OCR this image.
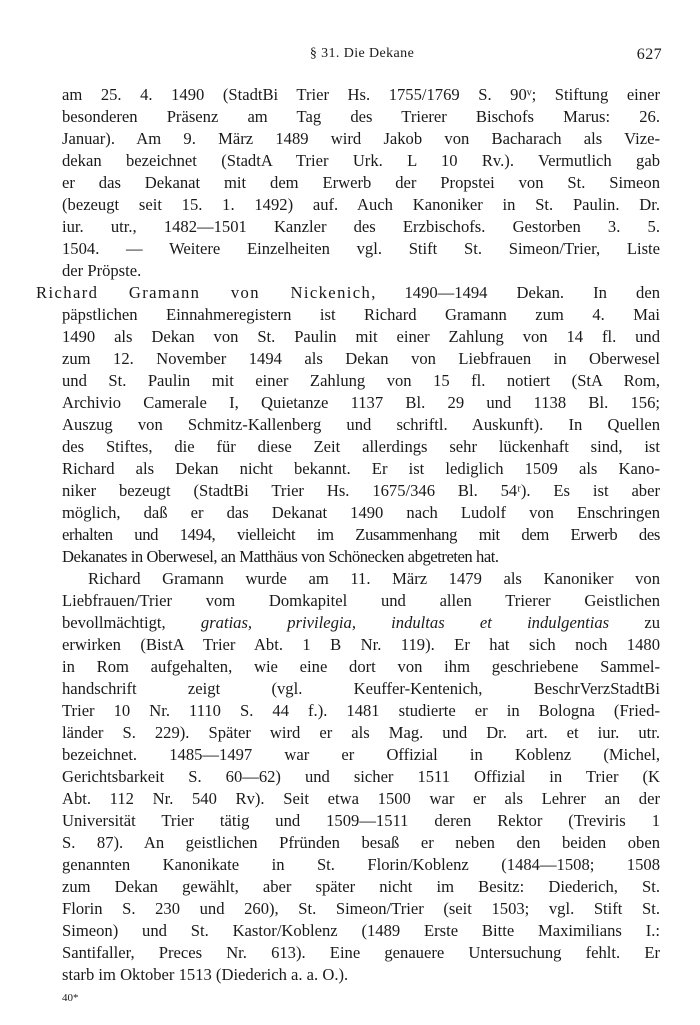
§ 31. Die Dekane	627
am 25. 4. 1490 (StadtBi Trier Hs. 1755/1769 S. 90ᵛ; Stiftung einer
besonderen Präsenz am Tag des Trierer Bischofs Marus: 26.
Januar). Am 9. März 1489 wird Jakob von Bacharach als Vize-
dekan bezeichnet (StadtA Trier Urk. L 10 Rv.). Vermutlich gab
er das Dekanat mit dem Erwerb der Propstei von St. Simeon
(bezeugt seit 15. 1. 1492) auf. Auch Kanoniker in St. Paulin. Dr.
iur. utr., 1482—1501 Kanzler des Erzbischofs. Gestorben 3. 5.
1504. — Weitere Einzelheiten vgl. Stift St. Simeon/Trier, Liste
der Pröpste.
Richard Gramann von Nickenich, 1490—1494 Dekan. In den
päpstlichen Einnahmeregistern ist Richard Gramann zum 4. Mai
1490 als Dekan von St. Paulin mit einer Zahlung von 14 fl. und
zum 12. November 1494 als Dekan von Liebfrauen in Oberwesel
und St. Paulin mit einer Zahlung von 15 fl. notiert (StA Rom,
Archivio Camerale I, Quietanze 1137 Bl. 29 und 1138 Bl. 156;
Auszug von Schmitz-Kallenberg und schriftl. Auskunft). In Quellen
des Stiftes, die für diese Zeit allerdings sehr lückenhaft sind, ist
Richard als Dekan nicht bekannt. Er ist lediglich 1509 als Kano-
niker bezeugt (StadtBi Trier Hs. 1675/346 Bl. 54ʳ). Es ist aber
möglich, daß er das Dekanat 1490 nach Ludolf von Enschringen
erhalten und 1494, vielleicht im Zusammenhang mit dem Erwerb des
Dekanates in Oberwesel, an Matthäus von Schönecken abgetreten hat.
Richard Gramann wurde am 11. März 1479 als Kanoniker von
Liebfrauen/Trier vom Domkapitel und allen Trierer Geistlichen
bevollmächtigt, gratias, privilegia, indultas et indulgentias zu
erwirken (BistA Trier Abt. 1 B Nr. 119). Er hat sich noch 1480
in Rom aufgehalten, wie eine dort von ihm geschriebene Sammel-
handschrift zeigt (vgl. Keuffer-Kentenich, BeschrVerzStadtBi
Trier 10 Nr. 1110 S. 44 f.). 1481 studierte er in Bologna (Fried-
länder S. 229). Später wird er als Mag. und Dr. art. et iur. utr.
bezeichnet. 1485—1497 war er Offizial in Koblenz (Michel,
Gerichtsbarkeit S. 60—62) und sicher 1511 Offizial in Trier (K
Abt. 112 Nr. 540 Rv). Seit etwa 1500 war er als Lehrer an der
Universität Trier tätig und 1509—1511 deren Rektor (Treviris 1
S. 87). An geistlichen Pfründen besaß er neben den beiden oben
genannten Kanonikate in St. Florin/Koblenz (1484—1508; 1508
zum Dekan gewählt, aber später nicht im Besitz: Diederich, St.
Florin S. 230 und 260), St. Simeon/Trier (seit 1503; vgl. Stift St.
Simeon) und St. Kastor/Koblenz (1489 Erste Bitte Maximilians I.:
Santifaller, Preces Nr. 613). Eine genauere Untersuchung fehlt. Er
starb im Oktober 1513 (Diederich a. a. O.).
40*
